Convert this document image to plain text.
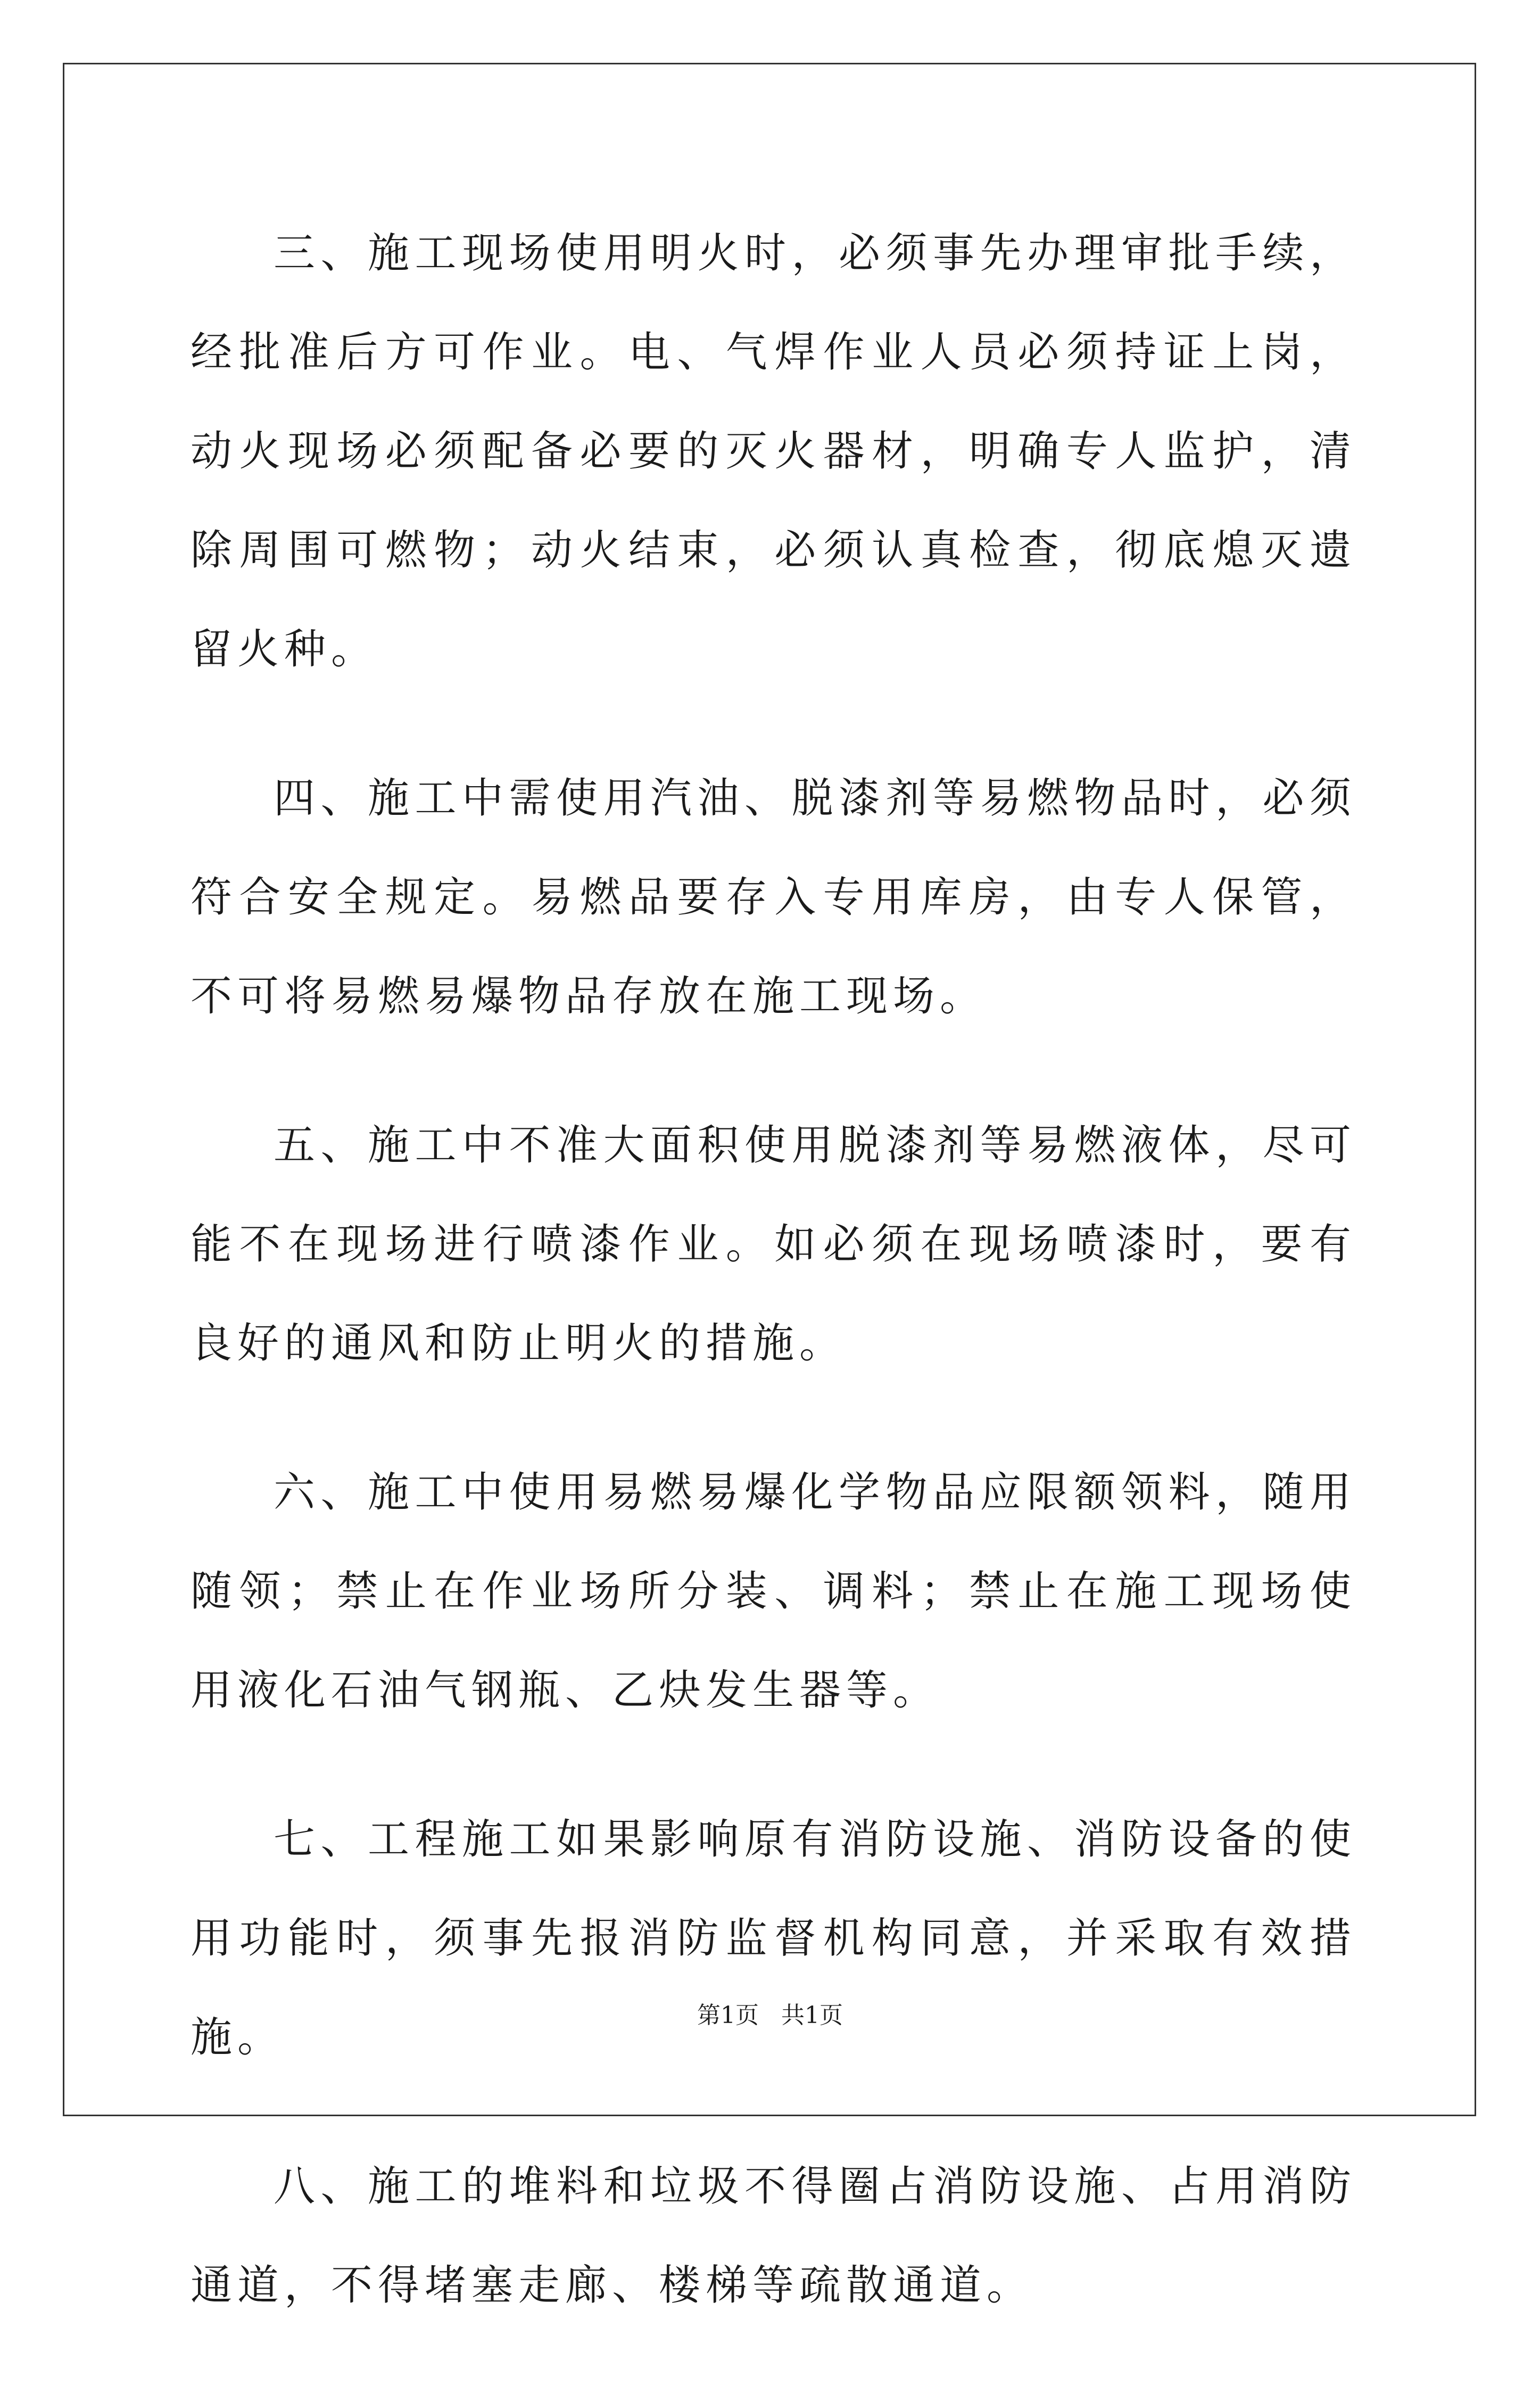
三、施工现场使用明火时，必须事先办理审批手续，经批准后方可作业。电、气焊作业人员必须持证上岗，动火现场必须配备必要的灭火器材，明确专人监护，清除周围可燃物；动火结束，必须认真检查，彻底熄灭遗留火种。

四、施工中需使用汽油、脱漆剂等易燃物品时，必须符合安全规定。易燃品要存入专用库房，由专人保管，不可将易燃易爆物品存放在施工现场。

五、施工中不准大面积使用脱漆剂等易燃液体，尽可能不在现场进行喷漆作业。如必须在现场喷漆时，要有良好的通风和防止明火的措施。

六、施工中使用易燃易爆化学物品应限额领料，随用随领；禁止在作业场所分装、调料；禁止在施工现场使用液化石油气钢瓶、乙炔发生器等。

七、工程施工如果影响原有消防设施、消防设备的使用功能时，须事先报消防监督机构同意，并采取有效措施。

八、施工的堆料和垃圾不得圈占消防设施、占用消防通道，不得堵塞走廊、楼梯等疏散通道。

第1页   共1页
